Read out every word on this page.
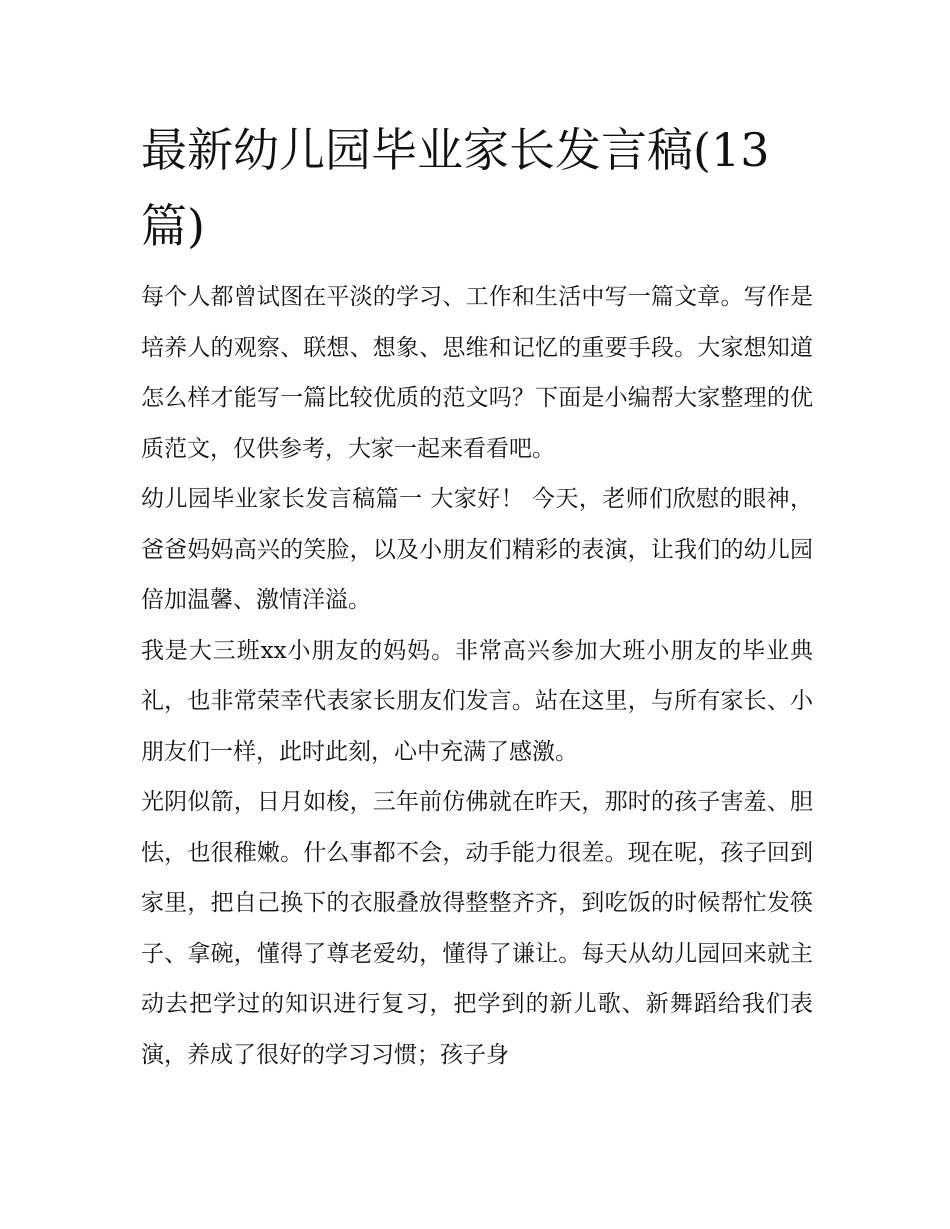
最新幼儿园毕业家长发言稿(13篇)

每个人都曾试图在平淡的学习、工作和生活中写一篇文章。写作是培养人的观察、联想、想象、思维和记忆的重要手段。大家想知道怎么样才能写一篇比较优质的范文吗？下面是小编帮大家整理的优质范文，仅供参考，大家一起来看看吧。

幼儿园毕业家长发言稿篇一 大家好！ 今天，老师们欣慰的眼神，爸爸妈妈高兴的笑脸，以及小朋友们精彩的表演，让我们的幼儿园倍加温馨、激情洋溢。

我是大三班xx小朋友的妈妈。非常高兴参加大班小朋友的毕业典礼，也非常荣幸代表家长朋友们发言。站在这里，与所有家长、小朋友们一样，此时此刻，心中充满了感激。

光阴似箭，日月如梭，三年前仿佛就在昨天，那时的孩子害羞、胆怯，也很稚嫩。什么事都不会，动手能力很差。现在呢，孩子回到家里，把自己换下的衣服叠放得整整齐齐，到吃饭的时候帮忙发筷子、拿碗，懂得了尊老爱幼，懂得了谦让。每天从幼儿园回来就主动去把学过的知识进行复习，把学到的新儿歌、新舞蹈给我们表演，养成了很好的学习习惯；孩子身
